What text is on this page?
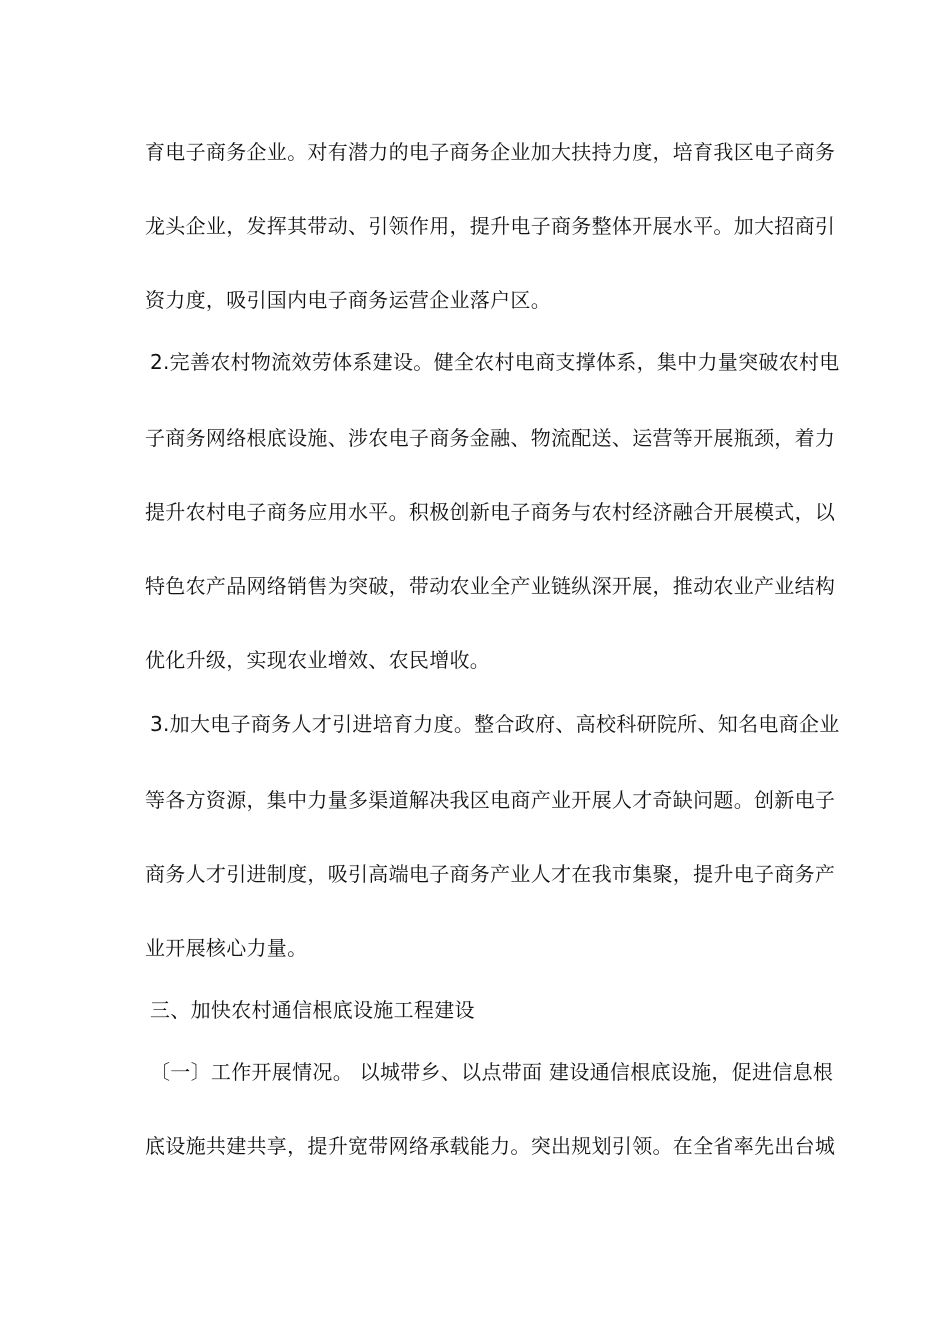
育电子商务企业。对有潜力的电子商务企业加大扶持力度，培育我区电子商务
龙头企业，发挥其带动、引领作用，提升电子商务整体开展水平。加大招商引
资力度，吸引国内电子商务运营企业落户区。
2.完善农村物流效劳体系建设。健全农村电商支撑体系，集中力量突破农村电
子商务网络根底设施、涉农电子商务金融、物流配送、运营等开展瓶颈，着力
提升农村电子商务应用水平。积极创新电子商务与农村经济融合开展模式，以
特色农产品网络销售为突破，带动农业全产业链纵深开展，推动农业产业结构
优化升级，实现农业增效、农民增收。
3.加大电子商务人才引进培育力度。整合政府、高校科研院所、知名电商企业
等各方资源，集中力量多渠道解决我区电商产业开展人才奇缺问题。创新电子
商务人才引进制度，吸引高端电子商务产业人才在我市集聚，提升电子商务产
业开展核心力量。
三、加快农村通信根底设施工程建设
〔一〕工作开展情况。 以城带乡、以点带面 建设通信根底设施，促进信息根
底设施共建共享，提升宽带网络承载能力。突出规划引领。在全省率先出台城
